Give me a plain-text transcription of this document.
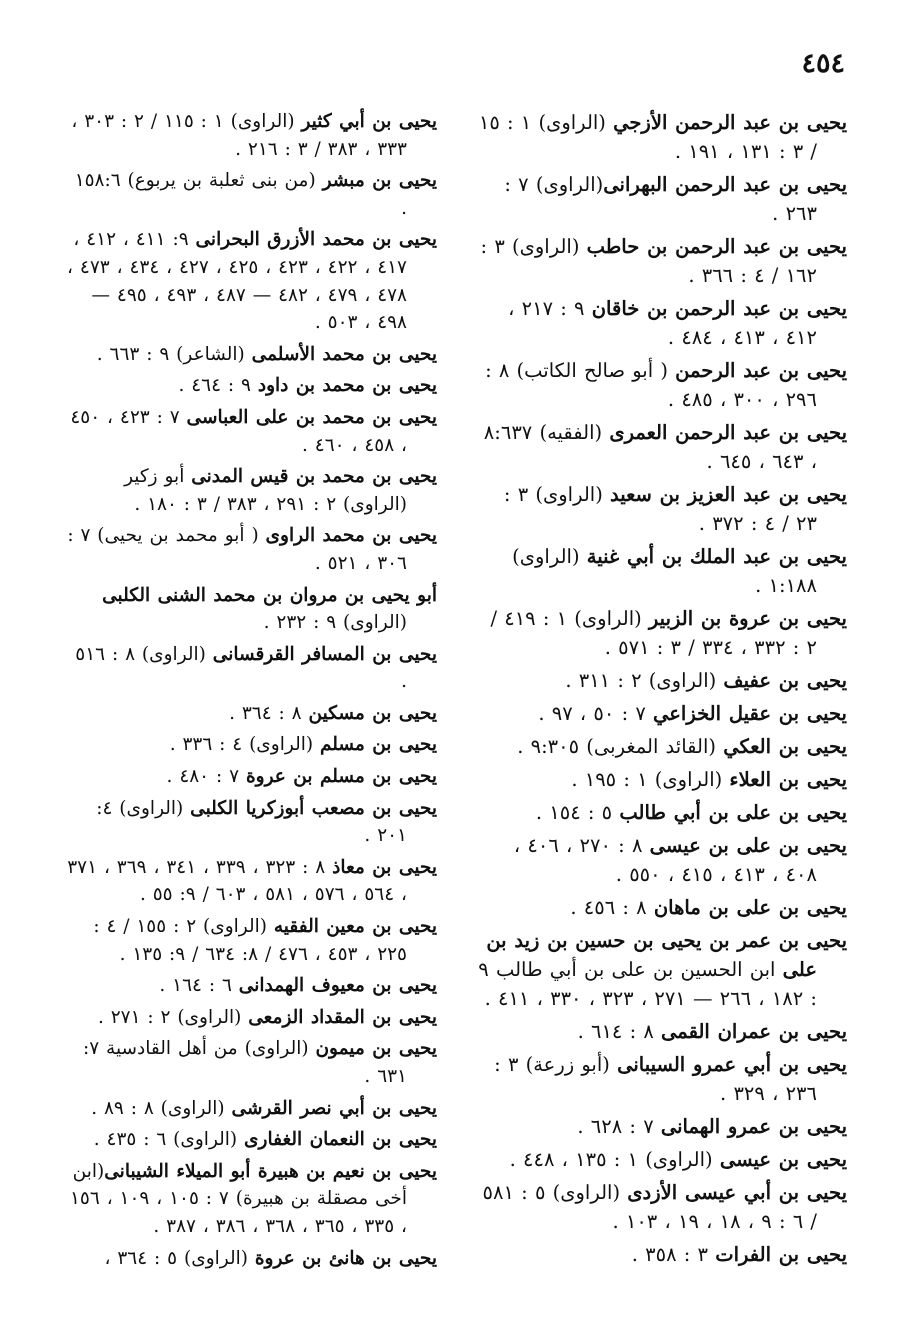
٤٥٤
يحيى بن عبد الرحمن الأزجي (الراوى) ١ : ١٥ / ٣ : ١٣١ ، ١٩١ .
يحيى بن عبد الرحمن البهرانى(الراوى) ٧ : ٢٦٣ .
يحيى بن عبد الرحمن بن حاطب (الراوى) ٣ : ١٦٢ / ٤ : ٣٦٦ .
يحيى بن عبد الرحمن بن خاقان ٩ : ٢١٧ ، ٤١٢ ، ٤١٣ ، ٤٨٤ .
يحيى بن عبد الرحمن ( أبو صالح الكاتب) ٨ : ٢٩٦ ، ٣٠٠ ، ٤٨٥ .
يحيى بن عبد الرحمن العمرى (الفقيه) ٨:٦٣٧ ، ٦٤٣ ، ٦٤٥ .
يحيى بن عبد العزيز بن سعيد (الراوى) ٣ : ٢٣ / ٤ : ٣٧٢ .
يحيى بن عبد الملك بن أبي غنية (الراوى) ١:١٨٨ .
يحيى بن عروة بن الزبير (الراوى) ١ : ٤١٩ / ٢ : ٣٣٢ ، ٣٣٤ / ٣ : ٥٧١ .
يحيى بن عفيف (الراوى) ٢ : ٣١١ .
يحيى بن عقيل الخزاعي ٧ : ٥٠ ، ٩٧ .
يحيى بن العكي (القائد المغربى) ٩:٣٠٥ .
يحيى بن العلاء (الراوى) ١ : ١٩٥ .
يحيى بن على بن أبي طالب ٥ : ١٥٤ .
يحيى بن على بن عيسى ٨ : ٢٧٠ ، ٤٠٦ ، ٤٠٨ ، ٤١٣ ، ٤١٥ ، ٥٥٠ .
يحيى بن على بن ماهان ٨ : ٤٥٦ .
يحيى بن عمر بن يحيى بن حسين بن زيد بن على ابن الحسين بن على بن أبي طالب ٩ : ١٨٢ ، ٢٦٦ — ٢٧١ ، ٣٢٣ ، ٣٣٠ ، ٤١١ .
يحيى بن عمران القمى ٨ : ٦١٤ .
يحيى بن أبي عمرو السيبانى (أبو زرعة) ٣ : ٢٣٦ ، ٣٢٩ .
يحيى بن عمرو الهمانى ٧ : ٦٢٨ .
يحيى بن عيسى (الراوى) ١ : ١٣٥ ، ٤٤٨ .
يحيى بن أبي عيسى الأزدى (الراوى) ٥ : ٥٨١ / ٦ : ٩ ، ١٨ ، ١٩ ، ١٠٣ .
يحيى بن الفرات ٣ : ٣٥٨ .
يحيى بن أبي كثير (الراوى) ١ : ١١٥ / ٢ : ٣٠٣ ، ٣٣٣ ، ٣٨٣ / ٣ : ٢١٦ .
يحيى بن مبشر (من بنى ثعلبة بن يربوع) ١٥٨:٦ .
يحيى بن محمد الأزرق البحرانى ٩: ٤١١ ، ٤١٢ ، ٤١٧ ، ٤٢٢ ، ٤٢٣ ، ٤٢٥ ، ٤٢٧ ، ٤٣٤ ، ٤٧٣ ، ٤٧٨ ، ٤٧٩ ، ٤٨٢ — ٤٨٧ ، ٤٩٣ ، ٤٩٥ — ٤٩٨ ، ٥٠٣ .
يحيى بن محمد الأسلمى (الشاعر) ٩ : ٦٦٣ .
يحيى بن محمد بن داود ٩ : ٤٦٤ .
يحيى بن محمد بن على العباسى ٧ : ٤٢٣ ، ٤٥٠ ، ٤٥٨ ، ٤٦٠ .
يحيى بن محمد بن قيس المدنى أبو زكير (الراوى) ٢ : ٢٩١ ، ٣٨٣ / ٣ : ١٨٠ .
يحيى بن محمد الراوى ( أبو محمد بن يحيى) ٧ : ٣٠٦ ، ٥٢١ .
أبو يحيى بن مروان بن محمد الشنى الكلبى (الراوى) ٩ : ٢٣٢ .
يحيى بن المسافر القرقسانى (الراوى) ٨ : ٥١٦ .
يحيى بن مسكين ٨ : ٣٦٤ .
يحيى بن مسلم (الراوى) ٤ : ٣٣٦ .
يحيى بن مسلم بن عروة ٧ : ٤٨٠ .
يحيى بن مصعب أبوزكريا الكلبى (الراوى) ٤: ٢٠١ .
يحيى بن معاذ ٨ : ٣٢٣ ، ٣٣٩ ، ٣٤١ ، ٣٦٩ ، ٣٧١ ، ٥٦٤ ، ٥٧٦ ، ٥٨١ ، ٦٠٣ / ٩: ٥٥ .
يحيى بن معين الفقيه (الراوى) ٢ : ١٥٥ / ٤ : ٢٢٥ ، ٤٥٣ ، ٤٧٦ / ٨: ٦٣٤ / ٩: ١٣٥ .
يحيى بن معيوف الهمدانى ٦ : ١٦٤ .
يحيى بن المقداد الزمعى (الراوى) ٢ : ٢٧١ .
يحيى بن ميمون (الراوى) من أهل القادسية ٧: ٦٣١ .
يحيى بن أبي نصر القرشى (الراوى) ٨ : ٨٩ .
يحيى بن النعمان الغفارى (الراوى) ٦ : ٤٣٥ .
يحيى بن نعيم بن هبيرة أبو الميلاء الشيبانى(ابن أخى مصقلة بن هبيرة) ٧ : ١٠٥ ، ١٠٩ ، ١٥٦ ، ٣٣٥ ، ٣٦٥ ، ٣٦٨ ، ٣٨٦ ، ٣٨٧ .
يحيى بن هانئ بن عروة (الراوى) ٥ : ٣٦٤ ،
